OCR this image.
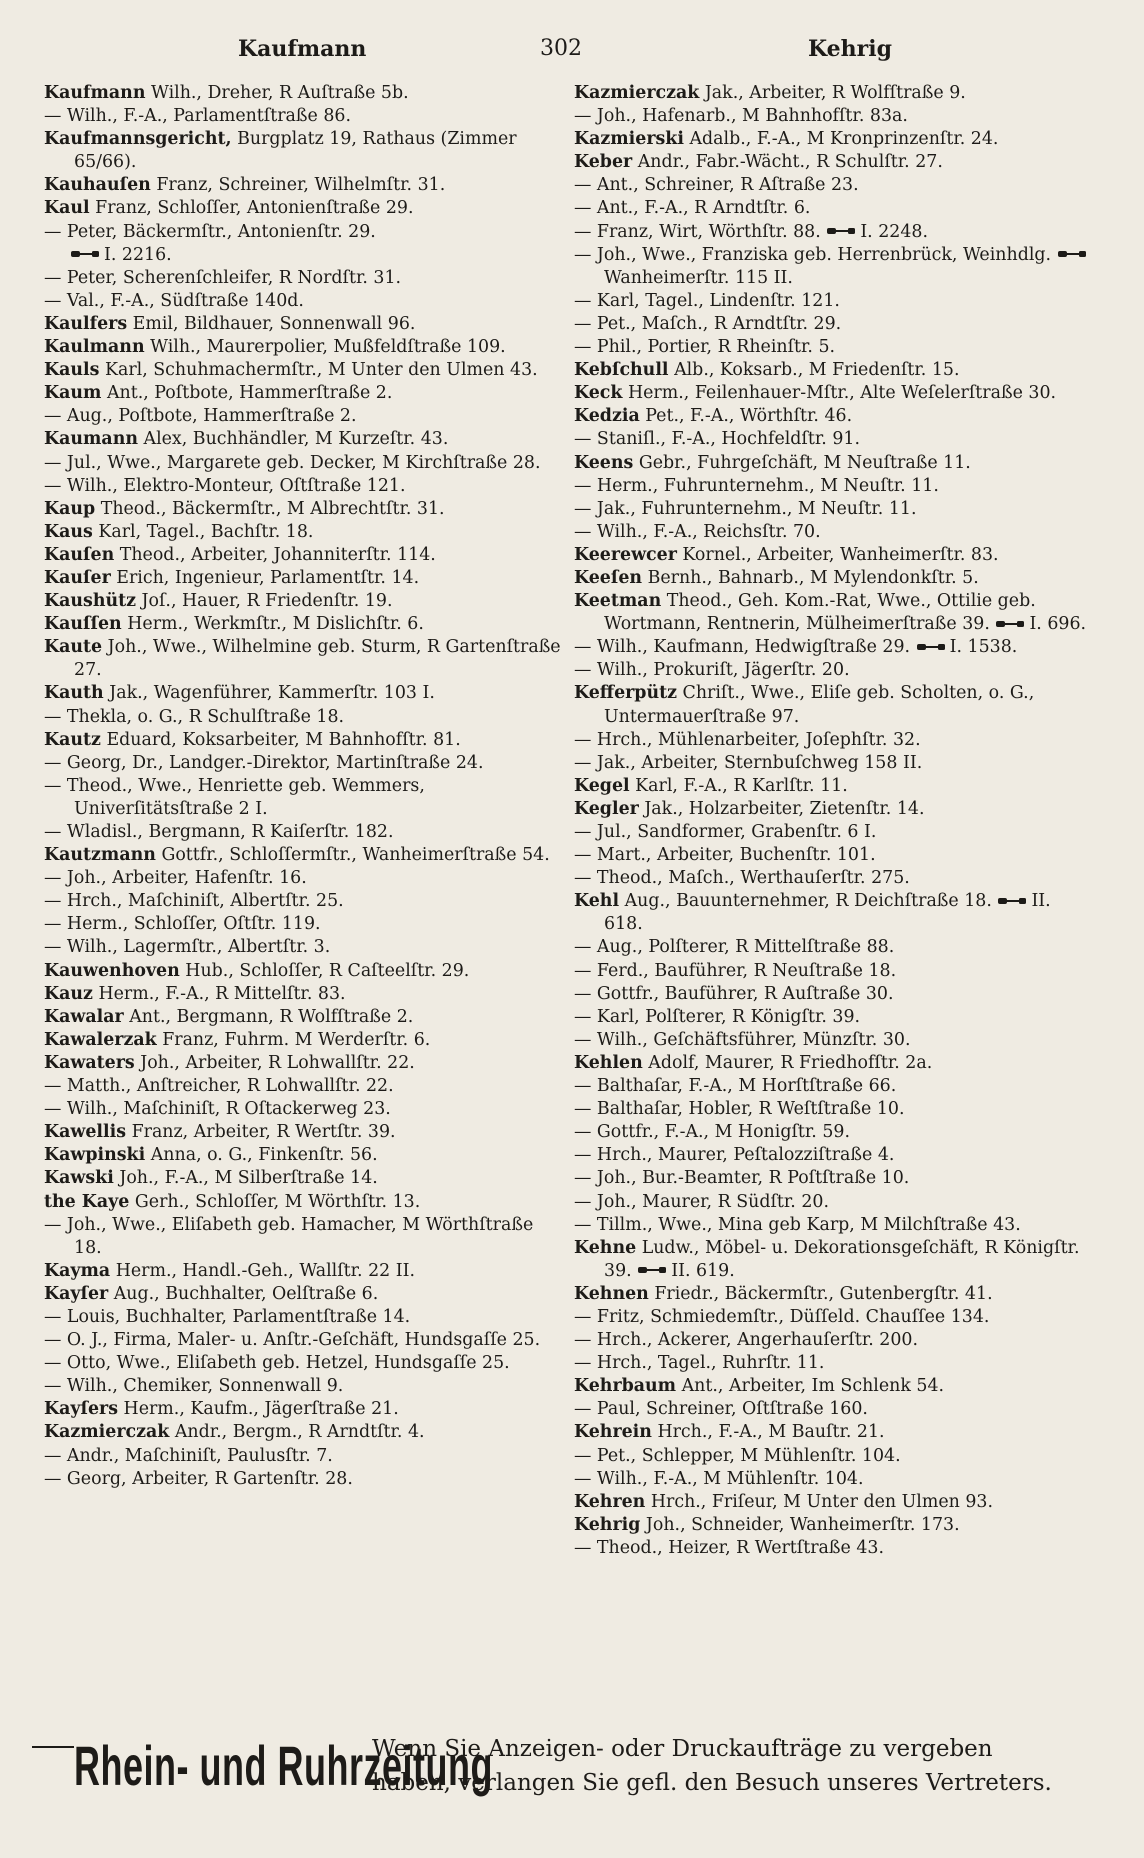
Kaufmann	302	Kehrig

Kaufmann Wilh., Dreher, R Auſtraße 5b.

— Wilh., F.-A., Parlamentſtraße 86.

Kaufmannsgericht, Burgplatz 19, Rathaus (Zimmer 65/66).

Kauhauſen Franz, Schreiner, Wilhelmſtr. 31.

Kaul Franz, Schloſſer, Antonienſtraße 29.

— Peter, Bäckermſtr., Antonienſtr. 29.

I. 2216.

— Peter, Scherenſchleifer, R Nordſtr. 31.

— Val., F.-A., Südſtraße 140d.

Kaulfers Emil, Bildhauer, Sonnenwall 96.

Kaulmann Wilh., Maurerpolier, Mußfeldſtraße 109.

Kauls Karl, Schuhmachermſtr., M Unter den Ulmen 43.

Kaum Ant., Poſtbote, Hammerſtraße 2.

— Aug., Poſtbote, Hammerſtraße 2.

Kaumann Alex, Buchhändler, M Kurzeſtr. 43.

— Jul., Wwe., Margarete geb. Decker, M Kirchſtraße 28.

— Wilh., Elektro-Monteur, Oſtſtraße 121.

Kaup Theod., Bäckermſtr., M Albrechtſtr. 31.

Kaus Karl, Tagel., Bachſtr. 18.

Kauſen Theod., Arbeiter, Johanniterſtr. 114.

Kauſer Erich, Ingenieur, Parlamentſtr. 14.

Kaushütz Joſ., Hauer, R Friedenſtr. 19.

Kauſſen Herm., Werkmſtr., M Dislichſtr. 6.

Kaute Joh., Wwe., Wilhelmine geb. Sturm, R Gartenſtraße 27.

Kauth Jak., Wagenführer, Kammerſtr. 103 I.

— Thekla, o. G., R Schulſtraße 18.

Kautz Eduard, Koksarbeiter, M Bahnhofſtr. 81.

— Georg, Dr., Landger.-Direktor, Martinſtraße 24.

— Theod., Wwe., Henriette geb. Wemmers, Univerſitätsſtraße 2 I.

— Wladisl., Bergmann, R Kaiſerſtr. 182.

Kautzmann Gottfr., Schloſſermſtr., Wanheimerſtraße 54.

— Joh., Arbeiter, Hafenſtr. 16.

— Hrch., Maſchiniſt, Albertſtr. 25.

— Herm., Schloſſer, Oſtſtr. 119.

— Wilh., Lagermſtr., Albertſtr. 3.

Kauwenhoven Hub., Schloſſer, R Caſteelſtr. 29.

Kauz Herm., F.-A., R Mittelſtr. 83.

Kawalar Ant., Bergmann, R Wolfſtraße 2.

Kawalerzak Franz, Fuhrm. M Werderſtr. 6.

Kawaters Joh., Arbeiter, R Lohwallſtr. 22.

— Matth., Anſtreicher, R Lohwallſtr. 22.

— Wilh., Maſchiniſt, R Oſtackerweg 23.

Kawellis Franz, Arbeiter, R Wertſtr. 39.

Kawpinski Anna, o. G., Finkenſtr. 56.

Kawski Joh., F.-A., M Silberſtraße 14.

the Kaye Gerh., Schloſſer, M Wörthſtr. 13.

— Joh., Wwe., Eliſabeth geb. Hamacher, M Wörthſtraße 18.

Kayma Herm., Handl.-Geh., Wallſtr. 22 II.

Kayſer Aug., Buchhalter, Oelſtraße 6.

— Louis, Buchhalter, Parlamentſtraße 14.

— O. J., Firma, Maler- u. Anſtr.-Geſchäft, Hundsgaſſe 25.

— Otto, Wwe., Eliſabeth geb. Hetzel, Hundsgaſſe 25.

— Wilh., Chemiker, Sonnenwall 9.

Kayſers Herm., Kaufm., Jägerſtraße 21.

Kazmierczak Andr., Bergm., R Arndtſtr. 4.

— Andr., Maſchiniſt, Paulusſtr. 7.

— Georg, Arbeiter, R Gartenſtr. 28.

Kazmierczak Jak., Arbeiter, R Wolfſtraße 9.

— Joh., Hafenarb., M Bahnhofſtr. 83a.

Kazmierski Adalb., F.-A., M Kronprinzenſtr. 24.

Keber Andr., Fabr.-Wächt., R Schulſtr. 27.

— Ant., Schreiner, R Aſtraße 23.

— Ant., F.-A., R Arndtſtr. 6.

— Franz, Wirt, Wörthſtr. 88. I. 2248.

— Joh., Wwe., Franziska geb. Herrenbrück, Weinhdlg. Wanheimerſtr. 115 II.

— Karl, Tagel., Lindenſtr. 121.

— Pet., Maſch., R Arndtſtr. 29.

— Phil., Portier, R Rheinſtr. 5.

Kebſchull Alb., Koksarb., M Friedenſtr. 15.

Keck Herm., Feilenhauer-Mſtr., Alte Weſelerſtraße 30.

Kedzia Pet., F.-A., Wörthſtr. 46.

— Staniſl., F.-A., Hochfeldſtr. 91.

Keens Gebr., Fuhrgeſchäft, M Neuſtraße 11.

— Herm., Fuhrunternehm., M Neuſtr. 11.

— Jak., Fuhrunternehm., M Neuſtr. 11.

— Wilh., F.-A., Reichsſtr. 70.

Keerewcer Kornel., Arbeiter, Wanheimerſtr. 83.

Keeſen Bernh., Bahnarb., M Mylendonkſtr. 5.

Keetman Theod., Geh. Kom.-Rat, Wwe., Ottilie geb. Wortmann, Rentnerin, Mülheimerſtraße 39. I. 696.

— Wilh., Kaufmann, Hedwigſtraße 29. I. 1538.

— Wilh., Prokuriſt, Jägerſtr. 20.

Kefferpütz Chriſt., Wwe., Eliſe geb. Scholten, o. G., Untermauerſtraße 97.

— Hrch., Mühlenarbeiter, Joſephſtr. 32.

— Jak., Arbeiter, Sternbuſchweg 158 II.

Kegel Karl, F.-A., R Karlſtr. 11.

Kegler Jak., Holzarbeiter, Zietenſtr. 14.

— Jul., Sandformer, Grabenſtr. 6 I.

— Mart., Arbeiter, Buchenſtr. 101.

— Theod., Maſch., Werthauſerſtr. 275.

Kehl Aug., Bauunternehmer, R Deichſtraße 18. II. 618.

— Aug., Polſterer, R Mittelſtraße 88.

— Ferd., Bauführer, R Neuſtraße 18.

— Gottfr., Bauführer, R Auſtraße 30.

— Karl, Polſterer, R Königſtr. 39.

— Wilh., Geſchäftsführer, Münzſtr. 30.

Kehlen Adolf, Maurer, R Friedhofſtr. 2a.

— Balthaſar, F.-A., M Horſtſtraße 66.

— Balthaſar, Hobler, R Weſtſtraße 10.

— Gottfr., F.-A., M Honigſtr. 59.

— Hrch., Maurer, Peſtalozziſtraße 4.

— Joh., Bur.-Beamter, R Poſtſtraße 10.

— Joh., Maurer, R Südſtr. 20.

— Tillm., Wwe., Mina geb Karp, M Milchſtraße 43.

Kehne Ludw., Möbel- u. Dekorationsgeſchäft, R Königſtr. 39. II. 619.

Kehnen Friedr., Bäckermſtr., Gutenbergſtr. 41.

— Fritz, Schmiedemſtr., Düſſeld. Chauſſee 134.

— Hrch., Ackerer, Angerhauſerſtr. 200.

— Hrch., Tagel., Ruhrſtr. 11.

Kehrbaum Ant., Arbeiter, Im Schlenk 54.

— Paul, Schreiner, Oſtſtraße 160.

Kehrein Hrch., F.-A., M Bauſtr. 21.

— Pet., Schlepper, M Mühlenſtr. 104.

— Wilh., F.-A., M Mühlenſtr. 104.

Kehren Hrch., Friſeur, M Unter den Ulmen 93.

Kehrig Joh., Schneider, Wanheimerſtr. 173.

— Theod., Heizer, R Wertſtraße 43.

Rhein- und Ruhrzeitung
Wenn Sie Anzeigen- oder Druckaufträge zu vergeben
haben, verlangen Sie gefl. den Besuch unseres Vertreters.
